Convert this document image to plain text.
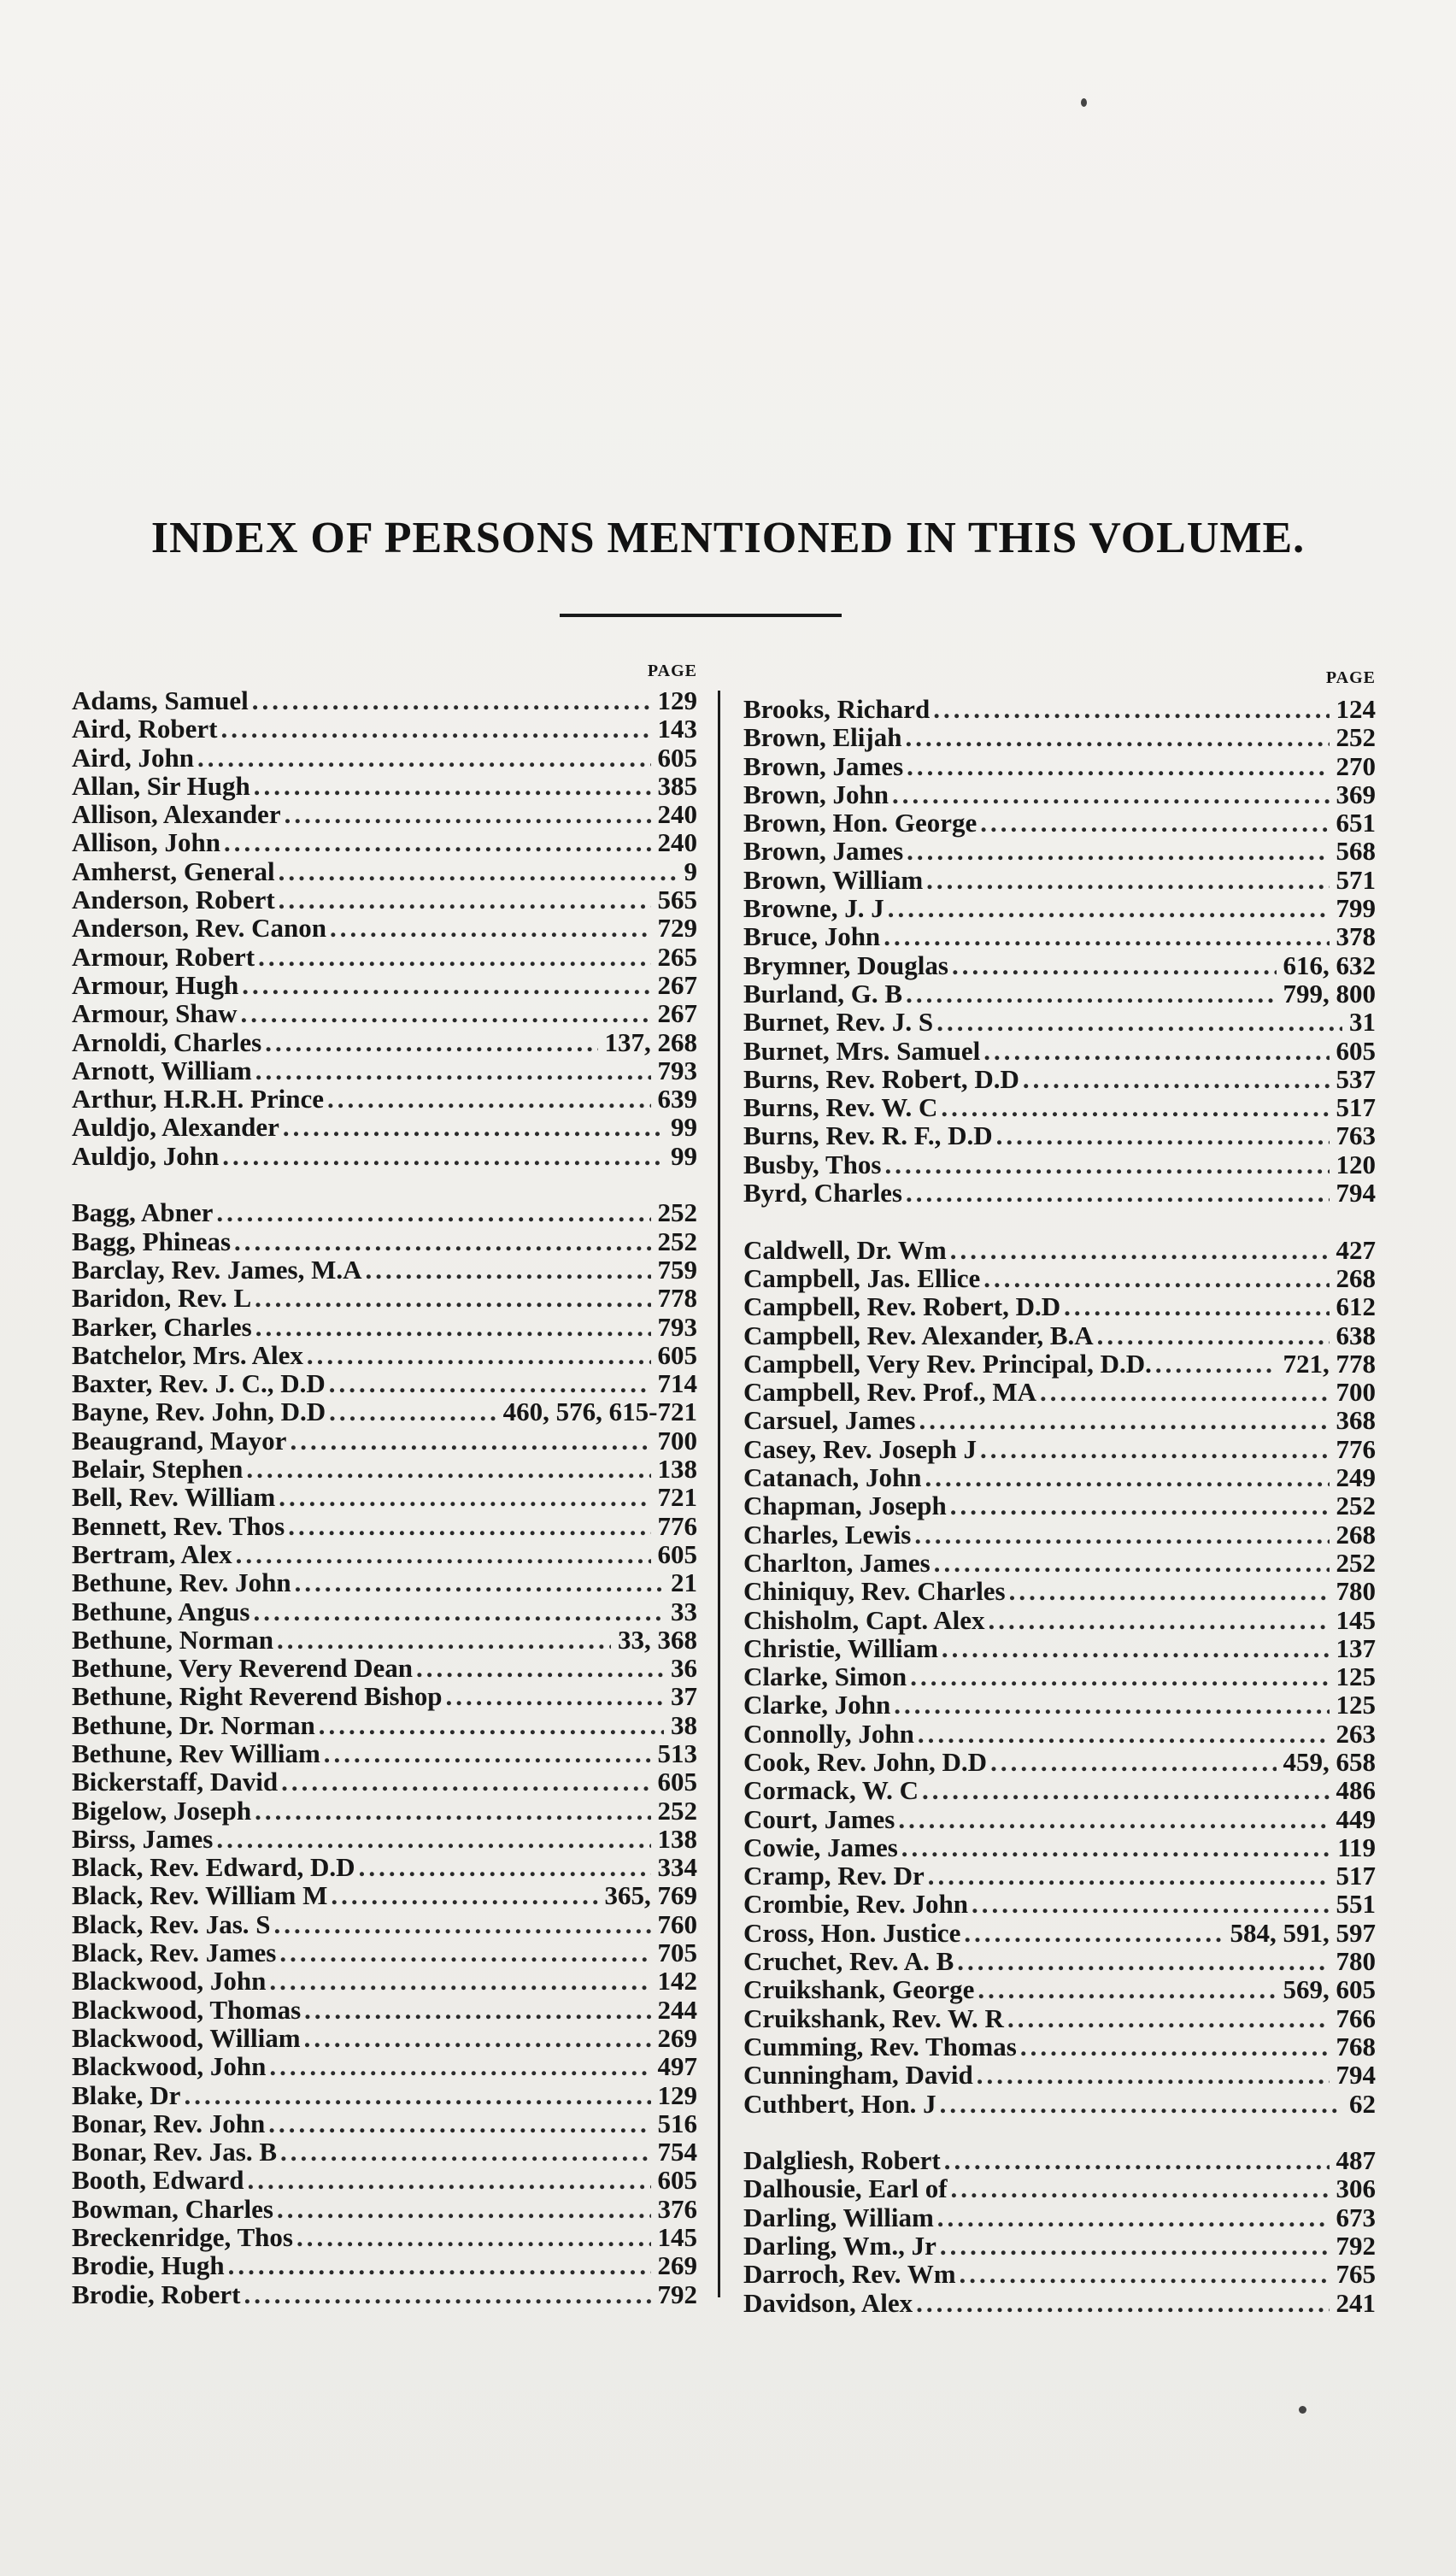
INDEX OF PERSONS MENTIONED IN THIS VOLUME.
PAGE
Adams, Samuel .....	129
Aird, Robert .....	143
Aird, John .....	605
Allan, Sir Hugh .....	385
Allison, Alexander .....	240
Allison, John .....	240
Amherst, General .....	9
Anderson, Robert .....	565
Anderson, Rev. Canon .....	729
Armour, Robert .....	265
Armour, Hugh .....	267
Armour, Shaw .....	267
Arnoldi, Charles .....	137, 268
Arnott, William .....	793
Arthur, H.R.H. Prince .....	639
Auldjo, Alexander .....	99
Auldjo, John .....	99
Bagg, Abner .....	252
Bagg, Phineas .....	252
Barclay, Rev. James, M.A .....	759
Baridon, Rev. L .....	778
Barker, Charles .....	793
Batchelor, Mrs. Alex .....	605
Baxter, Rev. J. C., D.D .....	714
Bayne, Rev. John, D.D .....	460, 576, 615-721
Beaugrand, Mayor .....	700
Belair, Stephen .....	138
Bell, Rev. William .....	721
Bennett, Rev. Thos .....	776
Bertram, Alex .....	605
Bethune, Rev. John .....	21
Bethune, Angus .....	33
Bethune, Norman .....	33, 368
Bethune, Very Reverend Dean .....	36
Bethune, Right Reverend Bishop .....	37
Bethune, Dr. Norman .....	38
Bethune, Rev William .....	513
Bickerstaff, David .....	605
Bigelow, Joseph .....	252
Birss, James .....	138
Black, Rev. Edward, D.D .....	334
Black, Rev. William M .....	365, 769
Black, Rev. Jas. S .....	760
Black, Rev. James .....	705
Blackwood, John .....	142
Blackwood, Thomas .....	244
Blackwood, William .....	269
Blackwood, John .....	497
Blake, Dr .....	129
Bonar, Rev. John .....	516
Bonar, Rev. Jas. B .....	754
Booth, Edward .....	605
Bowman, Charles .....	376
Breckenridge, Thos .....	145
Brodie, Hugh .....	269
Brodie, Robert .....	792
PAGE
Brooks, Richard .....	124
Brown, Elijah .....	252
Brown, James .....	270
Brown, John .....	369
Brown, Hon. George .....	651
Brown, James .....	568
Brown, William .....	571
Browne, J. J .....	799
Bruce, John .....	378
Brymner, Douglas .....	616, 632
Burland, G. B .....	799, 800
Burnet, Rev. J. S .....	31
Burnet, Mrs. Samuel .....	605
Burns, Rev. Robert, D.D .....	537
Burns, Rev. W. C .....	517
Burns, Rev. R. F., D.D .....	763
Busby, Thos .....	120
Byrd, Charles .....	794
Caldwell, Dr. Wm .....	427
Campbell, Jas. Ellice .....	268
Campbell, Rev. Robert, D.D .....	612
Campbell, Rev. Alexander, B.A .....	638
Campbell, Very Rev. Principal, D.D. .....	721, 778
Campbell, Rev. Prof., MA .....	700
Carsuel, James .....	368
Casey, Rev. Joseph J .....	776
Catanach, John .....	249
Chapman, Joseph .....	252
Charles, Lewis .....	268
Charlton, James .....	252
Chiniquy, Rev. Charles .....	780
Chisholm, Capt. Alex .....	145
Christie, William .....	137
Clarke, Simon .....	125
Clarke, John .....	125
Connolly, John .....	263
Cook, Rev. John, D.D .....	459, 658
Cormack, W. C .....	486
Court, James .....	449
Cowie, James .....	119
Cramp, Rev. Dr .....	517
Crombie, Rev. John .....	551
Cross, Hon. Justice .....	584, 591, 597
Cruchet, Rev. A. B .....	780
Cruikshank, George .....	569, 605
Cruikshank, Rev. W. R .....	766
Cumming, Rev. Thomas .....	768
Cunningham, David .....	794
Cuthbert, Hon. J .....	62
Dalgliesh, Robert .....	487
Dalhousie, Earl of .....	306
Darling, William .....	673
Darling, Wm., Jr .....	792
Darroch, Rev. Wm .....	765
Davidson, Alex .....	241
